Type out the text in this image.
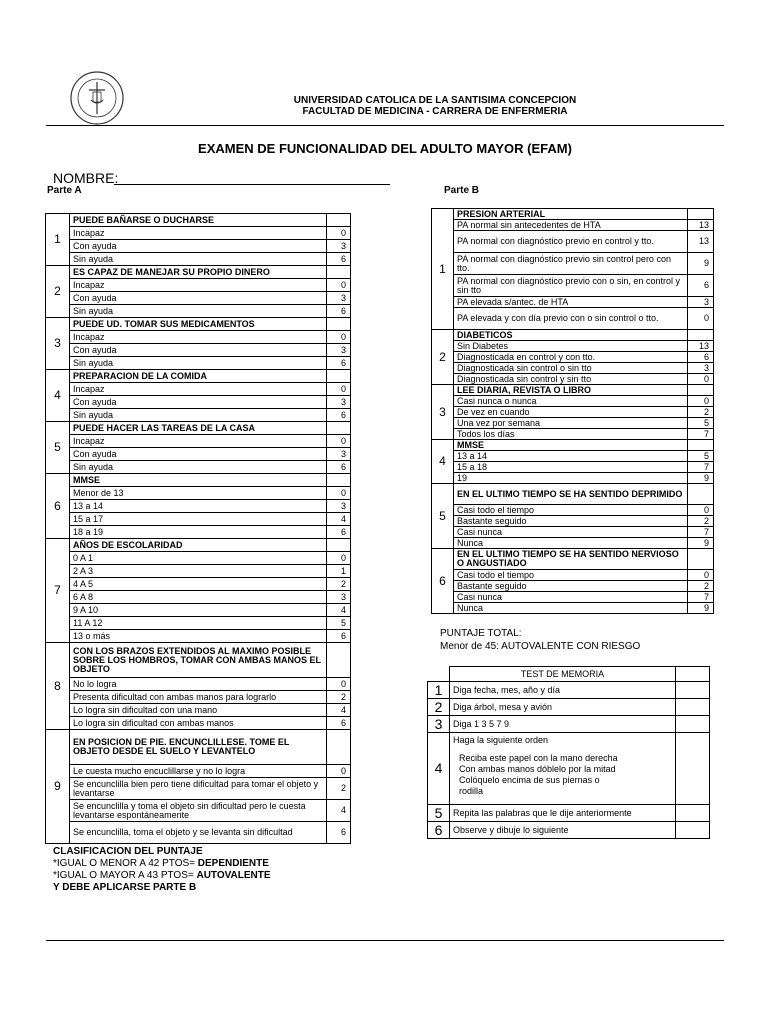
UNIVERSIDAD CATOLICA DE LA SANTISIMA CONCEPCION
FACULTAD DE MEDICINA - CARRERA DE ENFERMERIA
EXAMEN DE FUNCIONALIDAD DEL ADULTO MAYOR (EFAM)
NOMBRE:
Parte A	Parte B
1	PUEDE BAÑARSE O DUCHARSE	
	Incapaz	0
	Con ayuda	3
	Sin ayuda	6
2	ES CAPAZ DE MANEJAR SU PROPIO DINERO	
	Incapaz	0
	Con ayuda	3
	Sin ayuda	6
3	PUEDE UD. TOMAR SUS MEDICAMENTOS	
	Incapaz	0
	Con ayuda	3
	Sin ayuda	6
4	PREPARACION DE LA COMIDA	
	Incapaz	0
	Con ayuda	3
	Sin ayuda	6
5	PUEDE HACER LAS TAREAS DE LA CASA	
	Incapaz	0
	Con ayuda	3
	Sin ayuda	6
6	MMSE	
	Menor de 13	0
	13 a 14	3
	15 a 17	4
	18 a 19	6
7	AÑOS DE ESCOLARIDAD	
	0 A 1	0
	2 A 3	1
	4 A 5	2
	6 A 8	3
	9 A 10	4
	11 A 12	5
	13 o más	6
8	CON LOS BRAZOS EXTENDIDOS AL MAXIMO POSIBLE SOBRE LOS HOMBROS, TOMAR CON AMBAS MANOS EL OBJETO	
	No lo logra	0
	Presenta dificultad con ambas manos para lograrlo	2
	Lo logra sin dificultad con una mano	4
	Lo logra sin dificultad con ambas manos	6
9	EN POSICION DE PIE. ENCUNCLILLESE. TOME EL OBJETO DESDE EL SUELO Y LEVANTELO	
	Le cuesta mucho encuclillarse y no lo logra	0
	Se encunclilla bien pero tiene dificultad para tomar el objeto y levantarse	2
	Se encunclilla y toma el objeto sin dificultad pero le cuesta levantarse espontáneamente	4
	Se encunclilla, toma el objeto y se levanta sin dificultad	6
1	PRESION ARTERIAL	
	PA normal sin antecedentes de HTA	13
	PA normal con diagnóstico previo en control y tto.	13
	PA normal con diagnóstico previo sin control pero con tto.	9
	PA normal con diagnóstico previo con o sin, en control y sin tto	6
	PA elevada s/antec. de HTA	3
	PA elevada y con día previo con o sin control o tto.	0
2	DIABETICOS	
	Sin Diabetes	13
	Diagnosticada en control y con tto.	6
	Diagnosticada sin control o sin tto	3
	Diagnosticada sin control y sin tto	0
3	LEE DIARIA, REVISTA O LIBRO	
	Casi nunca o nunca	0
	De vez en cuando	2
	Una vez por semana	5
	Todos los días	7
4	MMSE	
	13 a 14	5
	15 a 18	7
	19	9
5	EN EL ULTIMO TIEMPO SE HA SENTIDO DEPRIMIDO	
	Casi todo el tiempo	0
	Bastante seguido	2
	Casi nunca	7
	Nunca	9
6	EN EL ULTIMO TIEMPO SE HA SENTIDO NERVIOSO O ANGUSTIADO	
	Casi todo el tiempo	0
	Bastante seguido	2
	Casi nunca	7
	Nunca	9
PUNTAJE TOTAL:
Menor de 45: AUTOVALENTE CON RIESGO
	TEST DE MEMORIA	
1	Diga fecha, mes, año y día	
2	Diga árbol, mesa y avión	
3	Diga 1 3 5 7 9	
4	Haga la siguiente orden
Reciba este papel con la mano derecha
Con ambas manos dóblelo por la mitad
Colóquelo encima de sus piernas o
rodilla	

5	Repita las palabras que le dije anteriormente	
6	Observe y dibuje lo siguiente	
CLASIFICACION DEL PUNTAJE
*IGUAL O MENOR A 42 PTOS= DEPENDIENTE
*IGUAL O MAYOR A 43 PTOS= AUTOVALENTE
Y DEBE APLICARSE PARTE B
